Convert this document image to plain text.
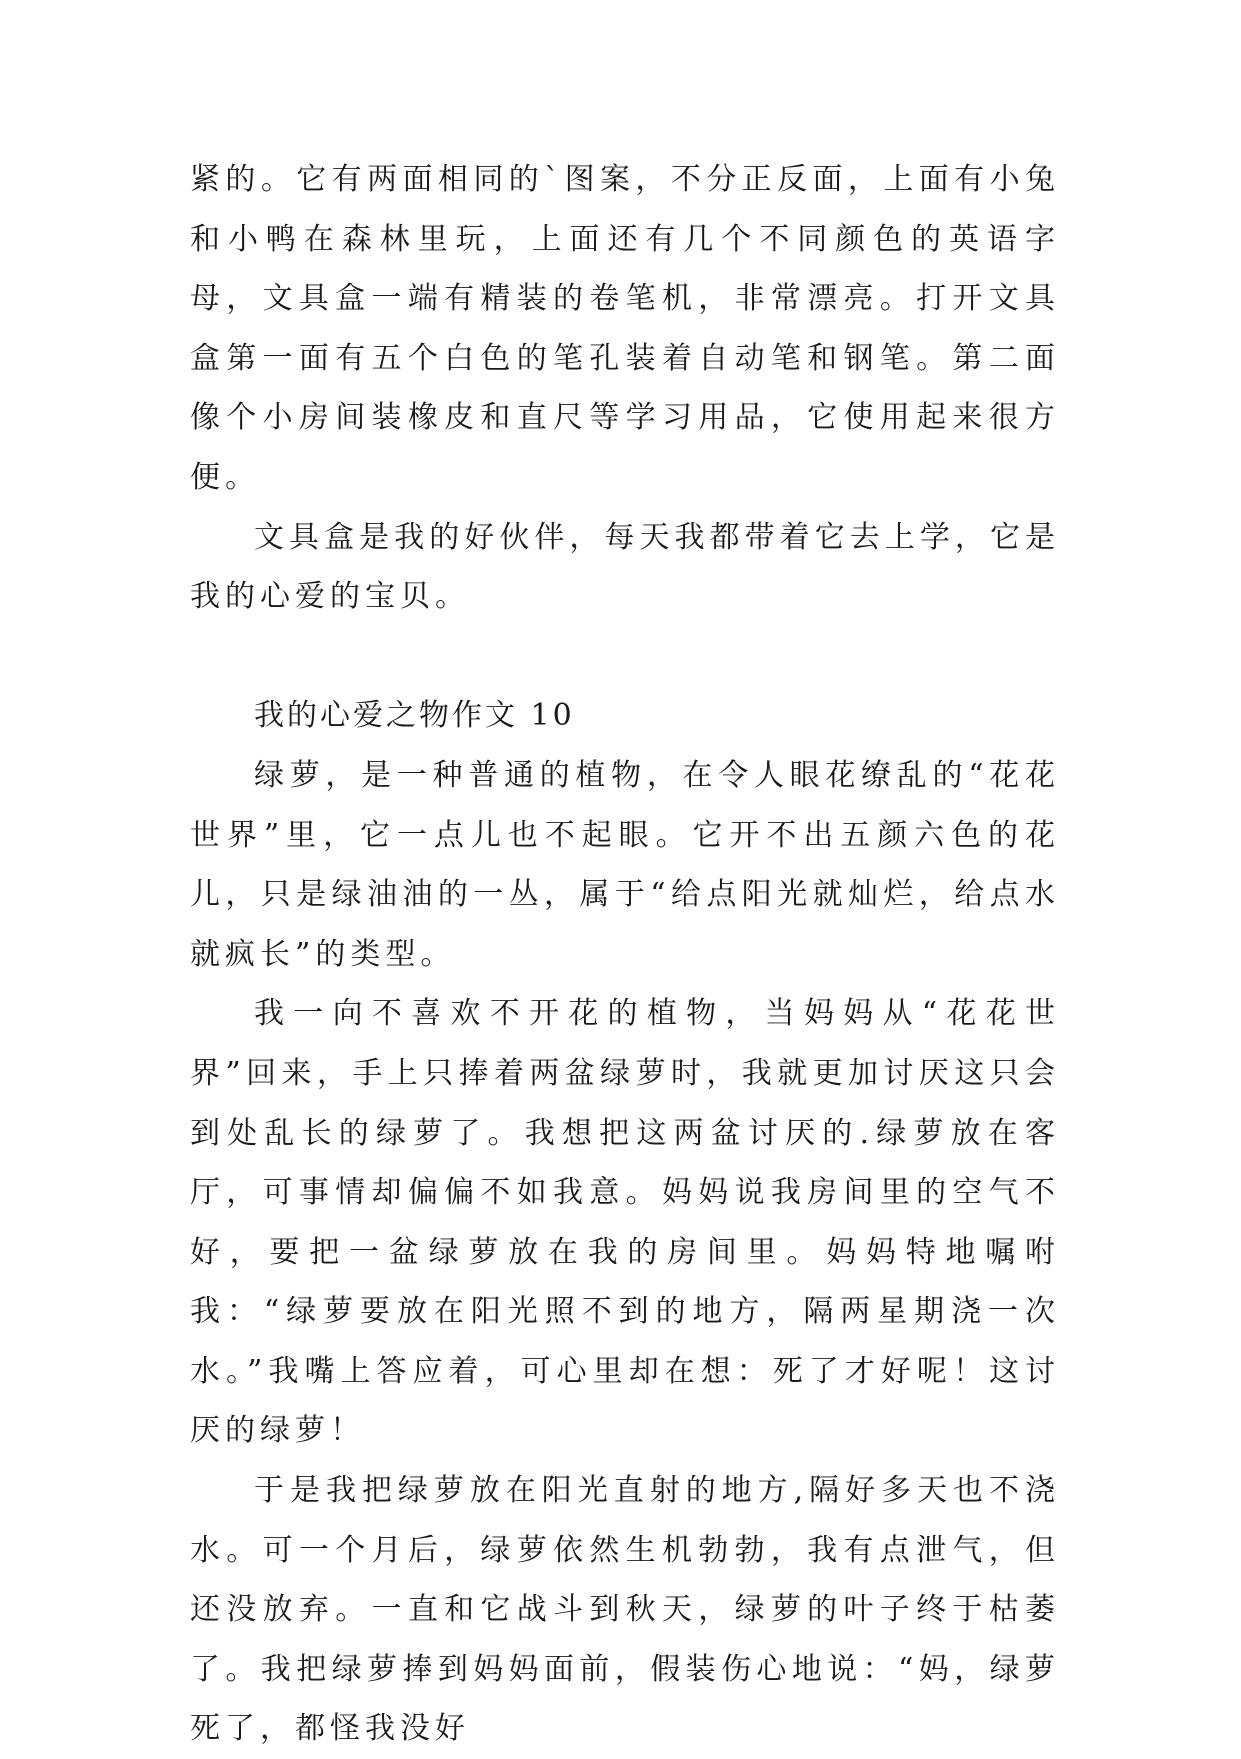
紧的。它有两面相同的`图案，不分正反面，上面有小兔和小鸭在森林里玩，上面还有几个不同颜色的英语字母，文具盒一端有精装的卷笔机，非常漂亮。打开文具盒第一面有五个白色的笔孔装着自动笔和钢笔。第二面像个小房间装橡皮和直尺等学习用品，它使用起来很方便。

文具盒是我的好伙伴，每天我都带着它去上学，它是我的心爱的宝贝。

我的心爱之物作文 10

绿萝，是一种普通的植物，在令人眼花缭乱的“花花世界”里，它一点儿也不起眼。它开不出五颜六色的花儿，只是绿油油的一丛，属于“给点阳光就灿烂，给点水就疯长”的类型。

我一向不喜欢不开花的植物，当妈妈从“花花世界”回来，手上只捧着两盆绿萝时，我就更加讨厌这只会到处乱长的绿萝了。我想把这两盆讨厌的.绿萝放在客厅，可事情却偏偏不如我意。妈妈说我房间里的空气不好，要把一盆绿萝放在我的房间里。妈妈特地嘱咐我：“绿萝要放在阳光照不到的地方，隔两星期浇一次水。”我嘴上答应着，可心里却在想：死了才好呢！这讨厌的绿萝！

于是我把绿萝放在阳光直射的地方,隔好多天也不浇水。可一个月后，绿萝依然生机勃勃，我有点泄气，但还没放弃。一直和它战斗到秋天，绿萝的叶子终于枯萎了。我把绿萝捧到妈妈面前，假装伤心地说：“妈，绿萝死了，都怪我没好
